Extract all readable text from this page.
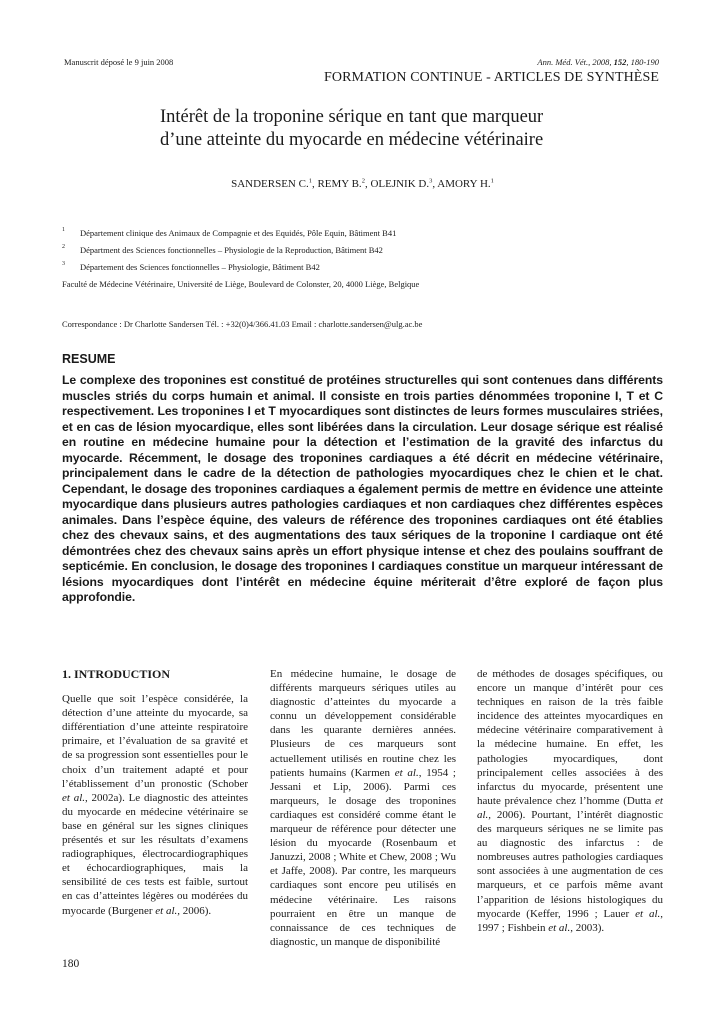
Manuscrit déposé le 9 juin 2008	Ann. Méd. Vét., 2008, 152, 180-190
FORMATION CONTINUE - ARTICLES DE SYNTHÈSE
Intérêt de la troponine sérique en tant que marqueur
d’une atteinte du myocarde en médecine vétérinaire
SANDERSEN C.$^1$, REMY B.$^2$, OLEJNIK D.$^3$, AMORY H.$^1$
1 Département clinique des Animaux de Compagnie et des Equidés, Pôle Equin, Bâtiment B41
2 Départment des Sciences fonctionnelles – Physiologie de la Reproduction, Bâtiment B42
3 Département des Sciences fonctionnelles – Physiologie, Bâtiment B42
Faculté de Médecine Vétérinaire, Université de Liège, Boulevard de Colonster, 20, 4000 Liège, Belgique
Correspondance : Dr Charlotte Sandersen Tél. : +32(0)4/366.41.03 Email : charlotte.sandersen@ulg.ac.be
RESUME
Le complexe des troponines est constitué de protéines structurelles qui sont contenues dans différents muscles striés du corps humain et animal. Il consiste en trois parties dénommées troponine I, T et C respectivement. Les troponines I et T myocardiques sont distinctes de leurs formes musculaires striées, et en cas de lésion myocardique, elles sont libérées dans la circulation. Leur dosage sérique est réalisé en routine en médecine humaine pour la détection et l’estimation de la gravité des infarctus du myocarde. Récemment, le dosage des troponines cardiaques a été décrit en médecine vétérinaire, principalement dans le cadre de la détection de pathologies myocardiques chez le chien et le chat. Cependant, le dosage des troponines cardiaques a également permis de mettre en évidence une atteinte myocardique dans plusieurs autres pathologies cardiaques et non cardiaques chez différentes espèces animales. Dans l’espèce équine, des valeurs de référence des troponines cardiaques ont été établies chez des chevaux sains, et des augmentations des taux sériques de la troponine I cardiaque ont été démontrées chez des chevaux sains après un effort physique intense et chez des poulains souffrant de septicémie. En conclusion, le dosage des troponines I cardiaques constitue un marqueur intéressant de lésions myocardiques dont l’intérêt en médecine équine mériterait d’être exploré de façon plus approfondie.
1. INTRODUCTION
Quelle que soit l’espèce considérée, la détection d’une atteinte du myocarde, sa différentiation d’une atteinte respiratoire primaire, et l’évaluation de sa gravité et de sa progression sont essentielles pour le choix d’un traitement adapté et pour l’établissement d’un pronostic (Schober et al., 2002a). Le diagnostic des atteintes du myocarde en médecine vétérinaire se base en général sur les signes cliniques présentés et sur les résultats d’examens radiographiques, électrocardiographiques et échocardiographiques, mais la sensibilité de ces tests est faible, surtout en cas d’atteintes légères ou modérées du myocarde (Burgener et al., 2006).
En médecine humaine, le dosage de différents marqueurs sériques utiles au diagnostic d’atteintes du myocarde a connu un développement considérable dans les quarante dernières années. Plusieurs de ces marqueurs sont actuellement utilisés en routine chez les patients humains (Karmen et al., 1954 ; Jessani et Lip, 2006). Parmi ces marqueurs, le dosage des troponines cardiaques est considéré comme étant le marqueur de référence pour détecter une lésion du myocarde (Rosenbaum et Januzzi, 2008 ; White et Chew, 2008 ; Wu et Jaffe, 2008). Par contre, les marqueurs cardiaques sont encore peu utilisés en médecine vétérinaire. Les raisons pourraient en être un manque de connaissance de ces techniques de diagnostic, un manque de disponibilité
de méthodes de dosages spécifiques, ou encore un manque d’intérêt pour ces techniques en raison de la très faible incidence des atteintes myocardiques en médecine vétérinaire comparativement à la médecine humaine. En effet, les pathologies myocardiques, dont principalement celles associées à des infarctus du myocarde, présentent une haute prévalence chez l’homme (Dutta et al., 2006). Pourtant, l’intérêt diagnostic des marqueurs sériques ne se limite pas au diagnostic des infarctus : de nombreuses autres pathologies cardiaques sont associées à une augmentation de ces marqueurs, et ce parfois même avant l’apparition de lésions histologiques du myocarde (Keffer, 1996 ; Lauer et al., 1997 ; Fishbein et al., 2003).
180
